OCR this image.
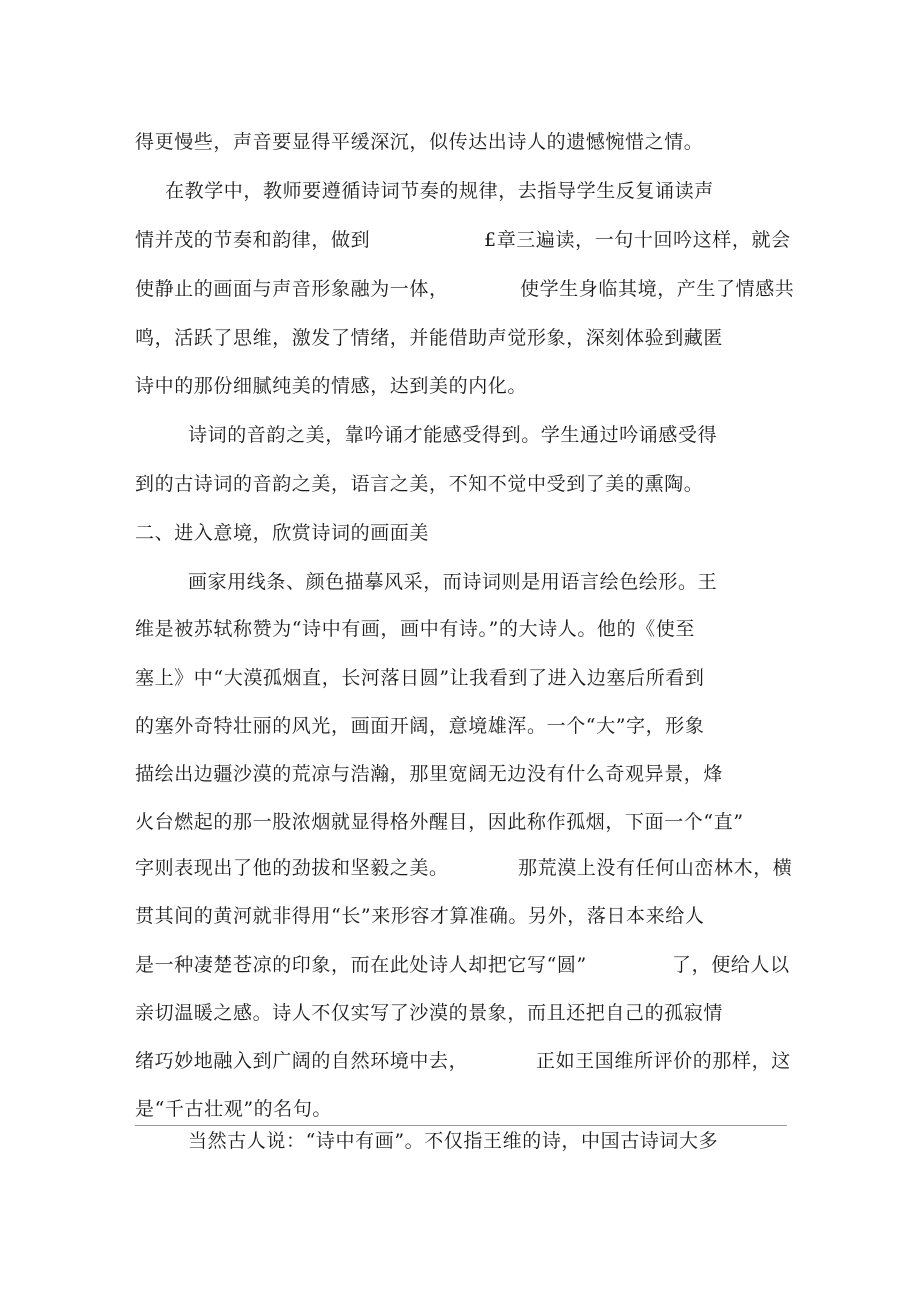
得更慢些，声音要显得平缓深沉，似传达出诗人的遗憾惋惜之情。
在教学中，教师要遵循诗词节奏的规律，去指导学生反复诵读声
情并茂的节奏和韵律，做到	£章三遍读，一句十回吟这样，就会
使静止的画面与声音形象融为一体，	使学生身临其境，产生了情感共
鸣，活跃了思维，激发了情绪，并能借助声觉形象，深刻体验到藏匿
诗中的那份细腻纯美的情感，达到美的内化。
诗词的音韵之美，靠吟诵才能感受得到。学生通过吟诵感受得
到的古诗词的音韵之美，语言之美，不知不觉中受到了美的熏陶。
二、进入意境，欣赏诗词的画面美
画家用线条、颜色描摹风采，而诗词则是用语言绘色绘形。王
维是被苏轼称赞为“诗中有画，画中有诗。”的大诗人。他的《使至
塞上》中“大漠孤烟直，长河落日圆”让我看到了进入边塞后所看到
的塞外奇特壮丽的风光，画面开阔，意境雄浑。一个“大”字，形象
描绘出边疆沙漠的荒凉与浩瀚，那里宽阔无边没有什么奇观异景，烽
火台燃起的那一股浓烟就显得格外醒目，因此称作孤烟，下面一个“直”
字则表现出了他的劲拔和坚毅之美。	那荒漠上没有任何山峦林木，横
贯其间的黄河就非得用“长”来形容才算准确。另外，落日本来给人
是一种凄楚苍凉的印象，而在此处诗人却把它写“圆”	了，便给人以
亲切温暖之感。诗人不仅实写了沙漠的景象，而且还把自己的孤寂情
绪巧妙地融入到广阔的自然环境中去，	正如王国维所评价的那样，这
是“千古壮观”的名句。
当然古人说：“诗中有画”。不仅指王维的诗，中国古诗词大多
